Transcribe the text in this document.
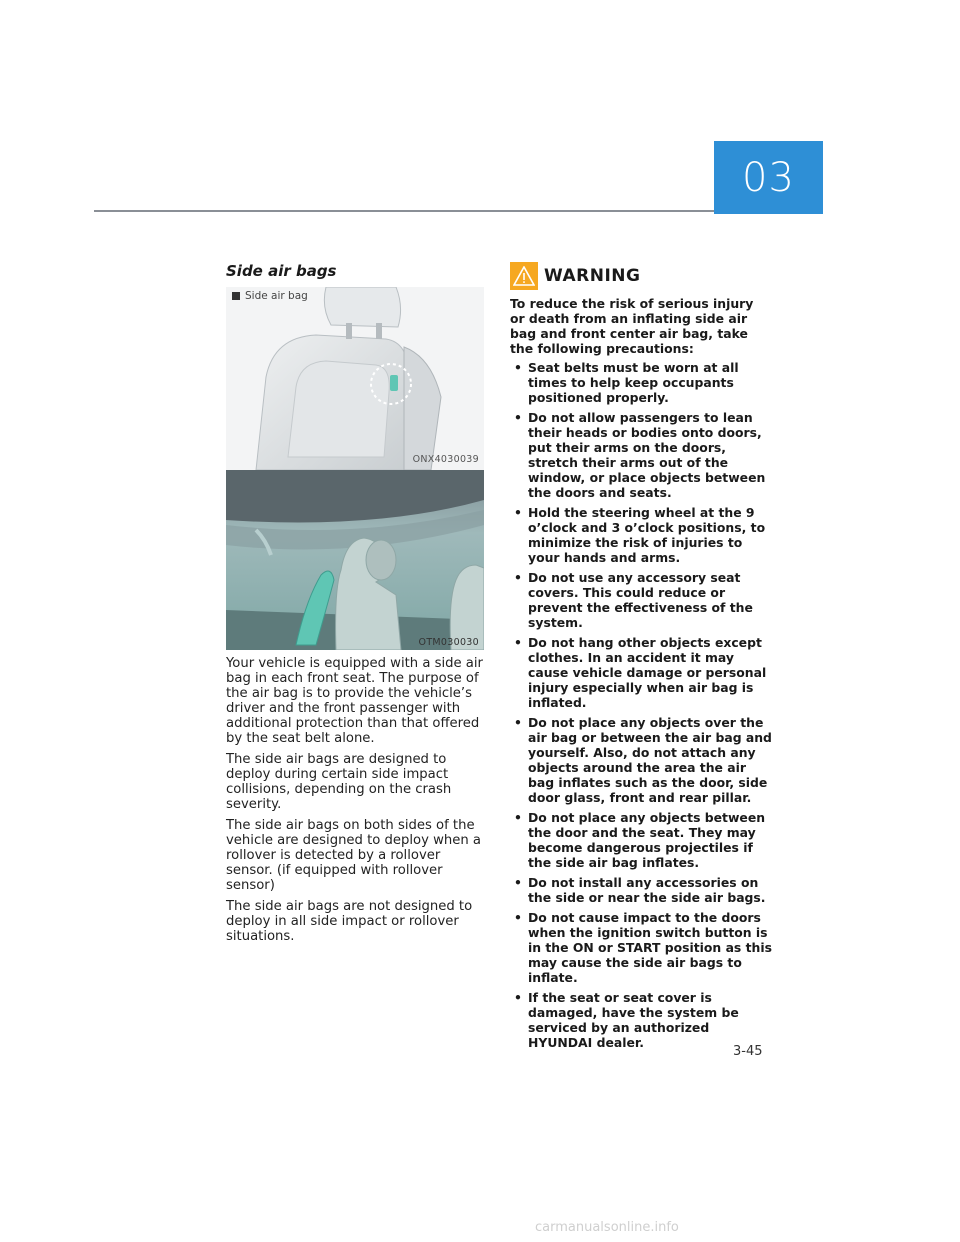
03
Side air bags
Side air bag
ONX4030039
OTM030030

Your vehicle is equipped with a side air bag in each front seat. The purpose of the air bag is to provide the vehicle’s driver and the front passenger with additional protection than that offered by the seat belt alone.

The side air bags are designed to deploy during certain side impact collisions, depending on the crash severity.

The side air bags on both sides of the vehicle are designed to deploy when a rollover is detected by a rollover sensor. (if equipped with rollover sensor)

The side air bags are not designed to deploy in all side impact or rollover situations.

WARNING

To reduce the risk of serious injury or death from an inflating side air bag and front center air bag, take the following precautions:

• Seat belts must be worn at all times to help keep occupants positioned properly.
• Do not allow passengers to lean their heads or bodies onto doors, put their arms on the doors, stretch their arms out of the window, or place objects between the doors and seats.
• Hold the steering wheel at the 9 o’clock and 3 o’clock positions, to minimize the risk of injuries to your hands and arms.
• Do not use any accessory seat covers. This could reduce or prevent the effectiveness of the system.
• Do not hang other objects except clothes. In an accident it may cause vehicle damage or personal injury especially when air bag is inflated.
• Do not place any objects over the air bag or between the air bag and yourself. Also, do not attach any objects around the area the air bag inflates such as the door, side door glass, front and rear pillar.
• Do not place any objects between the door and the seat. They may become dangerous projectiles if the side air bag inflates.
• Do not install any accessories on the side or near the side air bags.
• Do not cause impact to the doors when the ignition switch button is in the ON or START position as this may cause the side air bags to inflate.
• If the seat or seat cover is damaged, have the system be serviced by an authorized HYUNDAI dealer.
3-45
carmanualsonline.info
